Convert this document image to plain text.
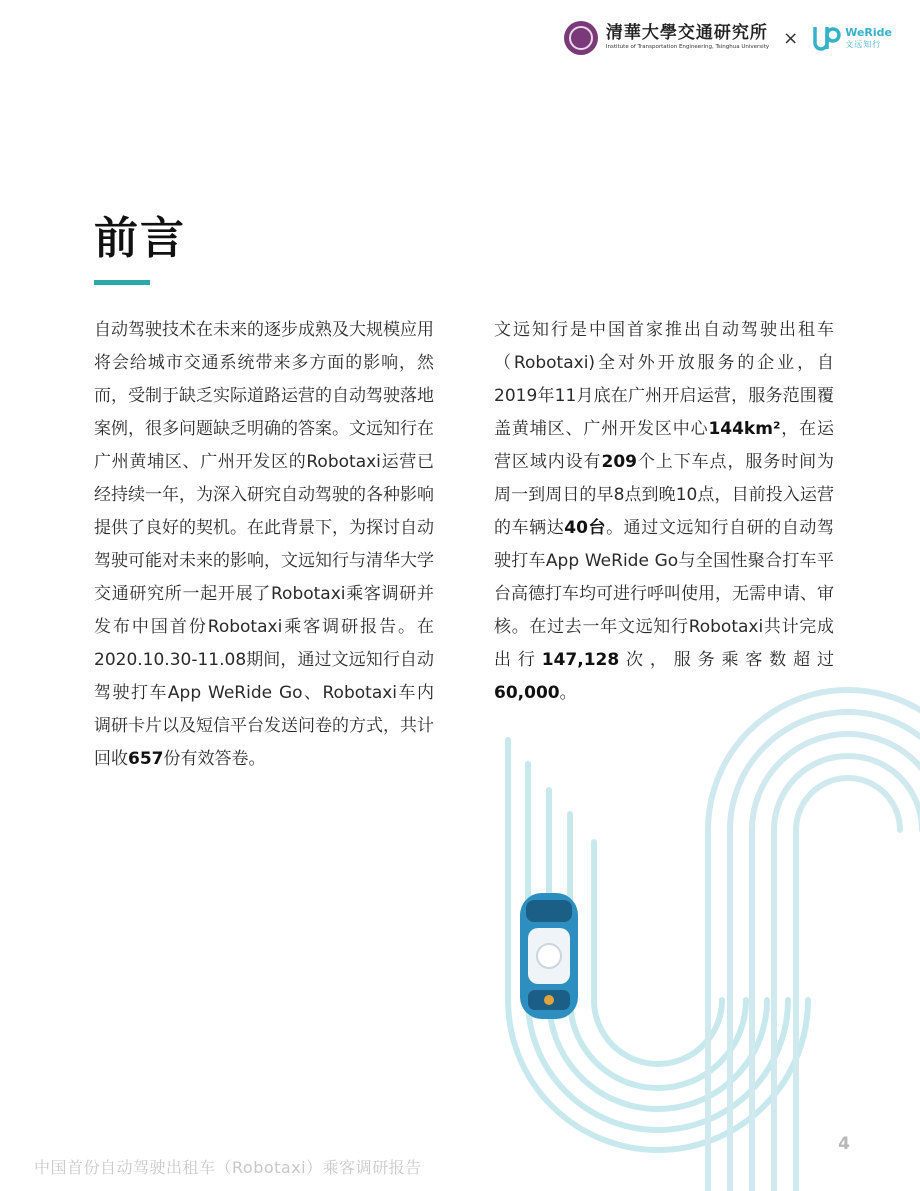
清華大學交通研究所
Institute of Transportation Engineering, Tsinghua University ×	WeRide
文远知行
前言
自动驾驶技术在未来的逐步成熟及大规模应用将会给城市交通系统带来多方面的影响，然而，受制于缺乏实际道路运营的自动驾驶落地案例，很多问题缺乏明确的答案。文远知行在广州黄埔区、广州开发区的Robotaxi运营已经持续一年，为深入研究自动驾驶的各种影响提供了良好的契机。在此背景下，为探讨自动驾驶可能对未来的影响，文远知行与清华大学交通研究所一起开展了Robotaxi乘客调研并发布中国首份Robotaxi乘客调研报告。在2020.10.30-11.08期间，通过文远知行自动驾驶打车App WeRide Go、Robotaxi车内调研卡片以及短信平台发送问卷的方式，共计回收657份有效答卷。
文远知行是中国首家推出自动驾驶出租车（Robotaxi)全对外开放服务的企业，自2019年11月底在广州开启运营，服务范围覆盖黄埔区、广州开发区中心144km²，在运营区域内设有209个上下车点，服务时间为周一到周日的早8点到晚10点，目前投入运营的车辆达40台。通过文远知行自研的自动驾驶打车App WeRide Go与全国性聚合打车平台高德打车均可进行呼叫使用，无需申请、审核。在过去一年文远知行Robotaxi共计完成出行147,128次，服务乘客数超过60,000。
4
中国首份自动驾驶出租车（Robotaxi）乘客调研报告
